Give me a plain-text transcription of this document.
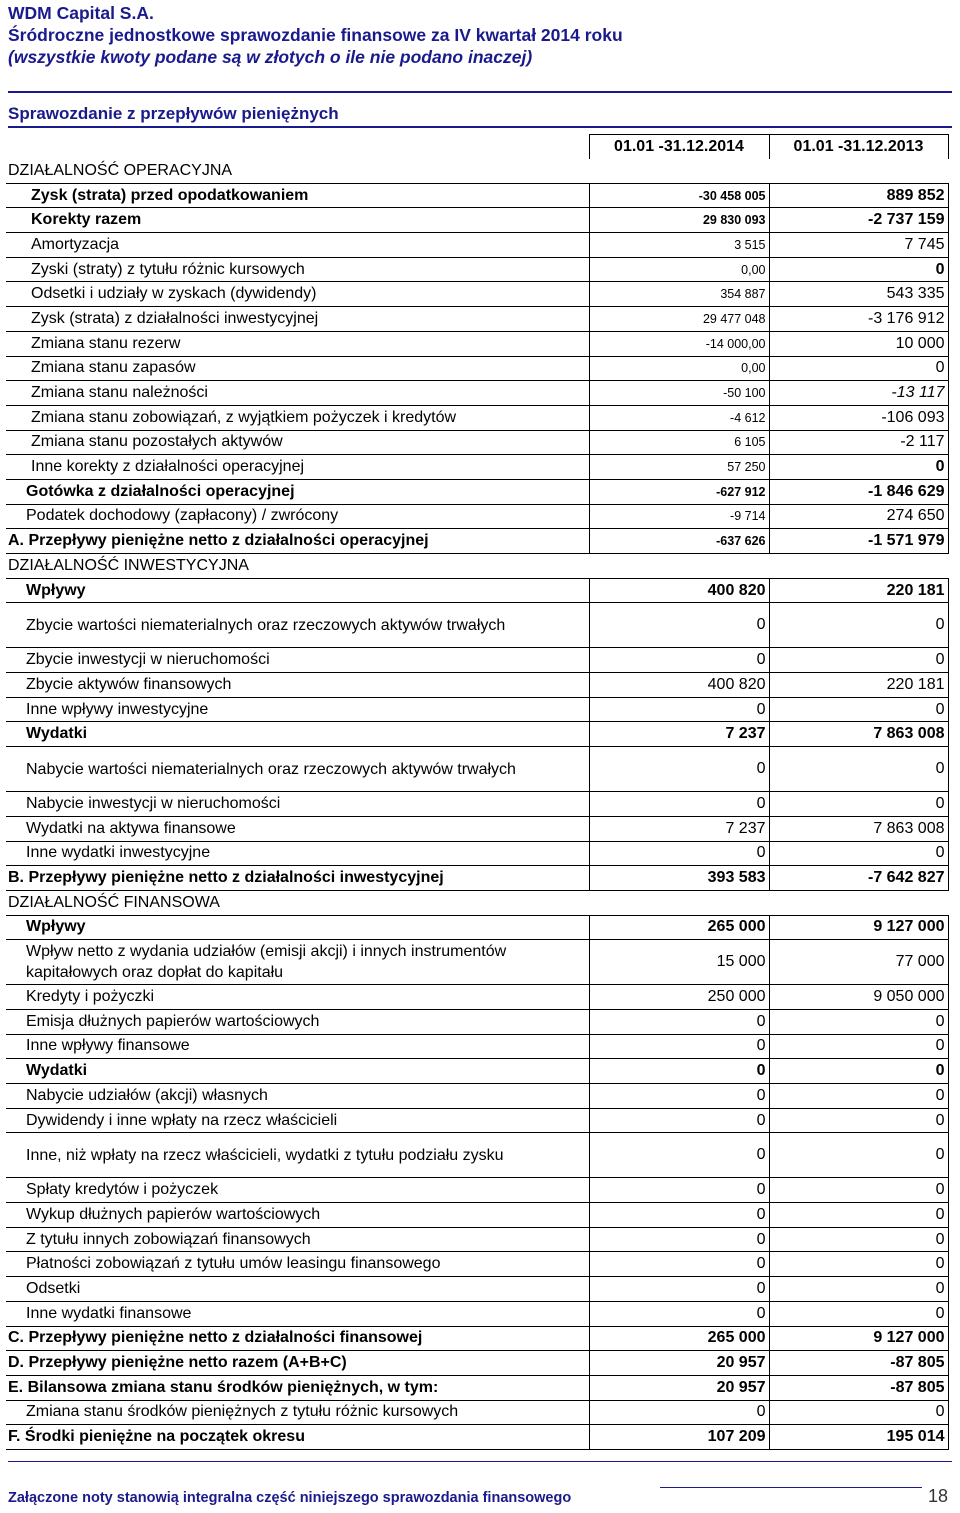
WDM Capital S.A.
Śródroczne jednostkowe sprawozdanie finansowe za IV kwartał 2014 roku
(wszystkie kwoty podane są w złotych o ile nie podano inaczej)
Sprawozdanie z przepływów pieniężnych
	01.01 -31.12.2014	01.01 -31.12.2013
DZIAŁALNOŚĆ OPERACYJNA		
Zysk (strata) przed opodatkowaniem	-30 458 005	889 852
Korekty razem	29 830 093	-2 737 159
Amortyzacja	3 515	7 745
Zyski (straty) z tytułu różnic kursowych	0,00	0
Odsetki i udziały w zyskach (dywidendy)	354 887	543 335
Zysk (strata) z działalności inwestycyjnej	29 477 048	-3 176 912
Zmiana stanu rezerw	-14 000,00	10 000
Zmiana stanu zapasów	0,00	0
Zmiana stanu należności	-50 100	-13 117
Zmiana stanu zobowiązań, z wyjątkiem pożyczek i kredytów	-4 612	-106 093
Zmiana stanu pozostałych aktywów	6 105	-2 117
Inne korekty z działalności operacyjnej	57 250	0
Gotówka z działalności operacyjnej	-627 912	-1 846 629
Podatek dochodowy (zapłacony) / zwrócony	-9 714	274 650
A. Przepływy pieniężne netto z działalności operacyjnej	-637 626	-1 571 979
DZIAŁALNOŚĆ INWESTYCYJNA		
Wpływy	400 820	220 181
Zbycie wartości niematerialnych oraz rzeczowych aktywów trwałych	0	0
Zbycie inwestycji w nieruchomości	0	0
Zbycie aktywów finansowych	400 820	220 181
Inne wpływy inwestycyjne	0	0
Wydatki	7 237	7 863 008
Nabycie wartości niematerialnych oraz rzeczowych aktywów trwałych	0	0
Nabycie inwestycji w nieruchomości	0	0
Wydatki na aktywa finansowe	7 237	7 863 008
Inne wydatki inwestycyjne	0	0
B. Przepływy pieniężne netto z działalności inwestycyjnej	393 583	-7 642 827
DZIAŁALNOŚĆ FINANSOWA		
Wpływy	265 000	9 127 000
Wpływ netto z wydania udziałów (emisji akcji) i innych instrumentów kapitałowych oraz dopłat do kapitału	15 000	77 000
Kredyty i pożyczki	250 000	9 050 000
Emisja dłużnych papierów wartościowych	0	0
Inne wpływy finansowe	0	0
Wydatki	0	0
Nabycie udziałów (akcji) własnych	0	0
Dywidendy i inne wpłaty na rzecz właścicieli	0	0
Inne, niż wpłaty na rzecz właścicieli, wydatki z tytułu podziału zysku	0	0
Spłaty kredytów i pożyczek	0	0
Wykup dłużnych papierów wartościowych	0	0
Z tytułu innych zobowiązań finansowych	0	0
Płatności zobowiązań z tytułu umów leasingu finansowego	0	0
Odsetki	0	0
Inne wydatki finansowe	0	0
C. Przepływy pieniężne netto z działalności finansowej	265 000	9 127 000
D. Przepływy pieniężne netto razem (A+B+C)	20 957	-87 805
E. Bilansowa zmiana stanu środków pieniężnych, w tym:	20 957	-87 805
Zmiana stanu środków pieniężnych z tytułu różnic kursowych	0	0
F. Środki pieniężne na początek okresu	107 209	195 014
Załączone noty stanowią integralna część niniejszego sprawozdania finansowego	18
